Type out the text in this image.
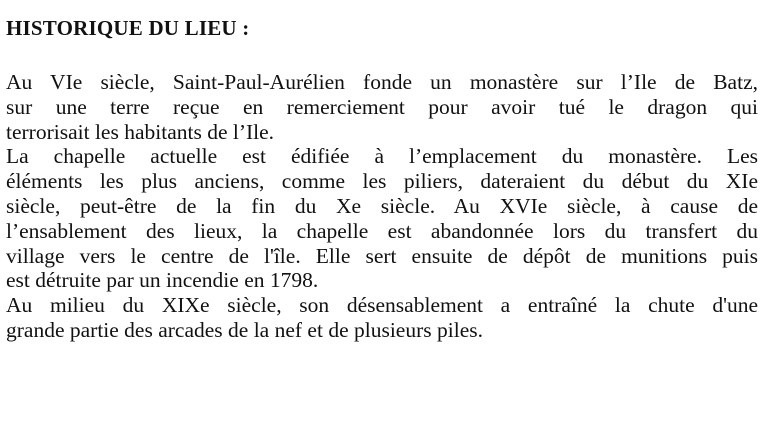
HISTORIQUE DU LIEU :

Au VIe siècle, Saint-Paul-Aurélien fonde un monastère sur l’Ile de Batz,
sur une terre reçue en remerciement pour avoir tué le dragon qui
terrorisait les habitants de l’Ile.

La chapelle actuelle est édifiée à l’emplacement du monastère. Les
éléments les plus anciens, comme les piliers, dateraient du début du XIe
siècle, peut-être de la fin du Xe siècle. Au XVIe siècle, à cause de
l’ensablement des lieux, la chapelle est abandonnée lors du transfert du
village vers le centre de l'île. Elle sert ensuite de dépôt de munitions puis
est détruite par un incendie en 1798.

Au milieu du XIXe siècle, son désensablement a entraîné la chute d'une
grande partie des arcades de la nef et de plusieurs piles.
